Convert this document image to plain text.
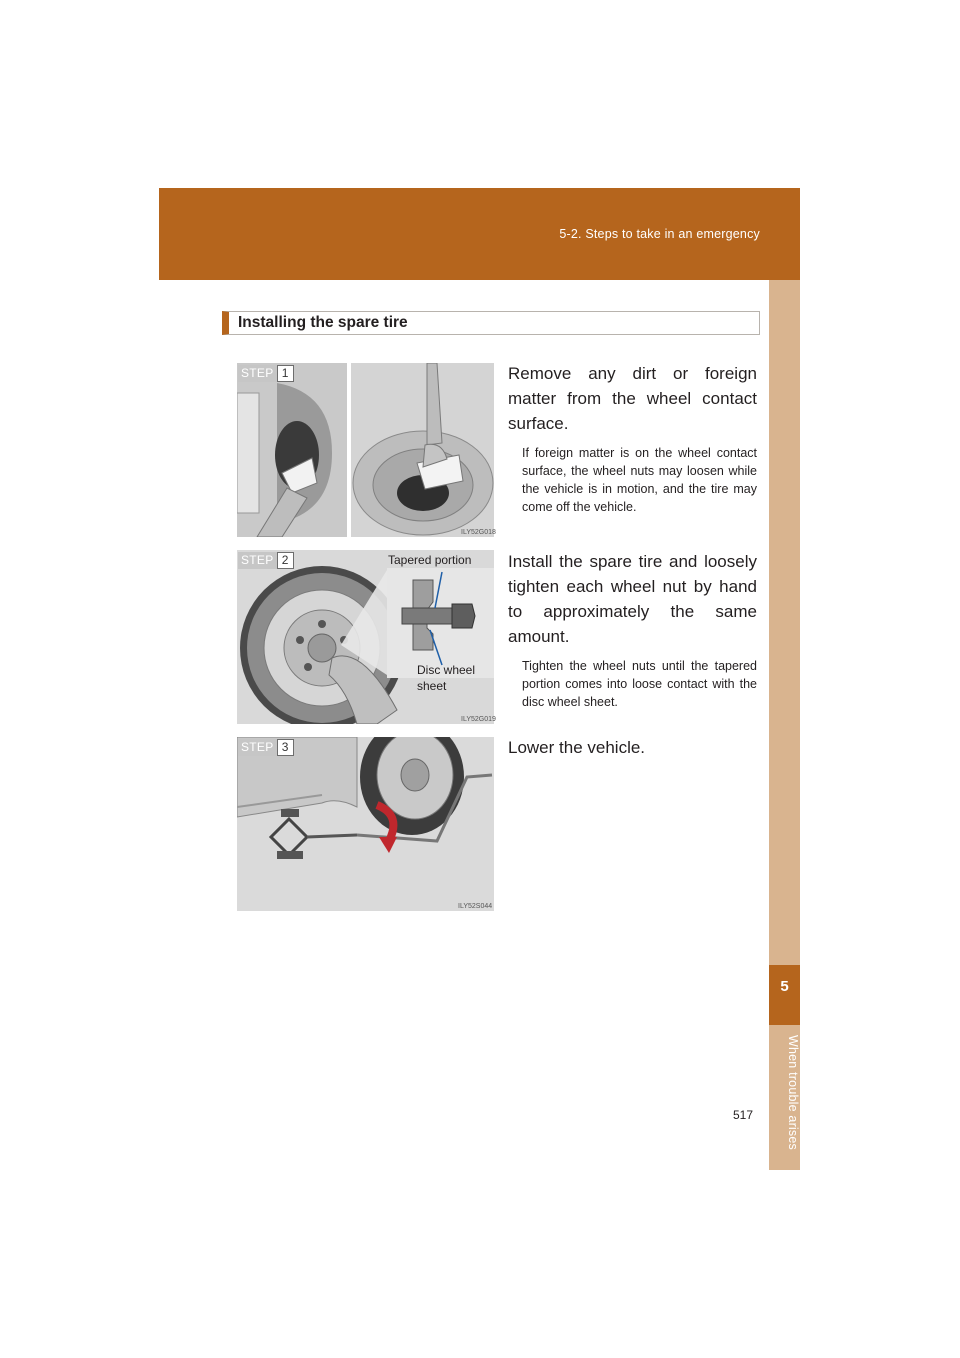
5-2. Steps to take in an emergency
5
When trouble arises
Installing the spare tire
STEP 1
ILY52G018
Remove any dirt or foreign matter from the wheel contact surface.
If foreign matter is on the wheel contact surface, the wheel nuts may loosen while the vehicle is in motion, and the tire may come off the vehicle.
STEP 2	Tapered portion
Disc wheel
sheet
ILY52G019
Install the spare tire and loosely tighten each wheel nut by hand to approximately the same amount.
Tighten the wheel nuts until the tapered portion comes into loose contact with the disc wheel sheet.
STEP 3
ILY52S044
Lower the vehicle.
517
